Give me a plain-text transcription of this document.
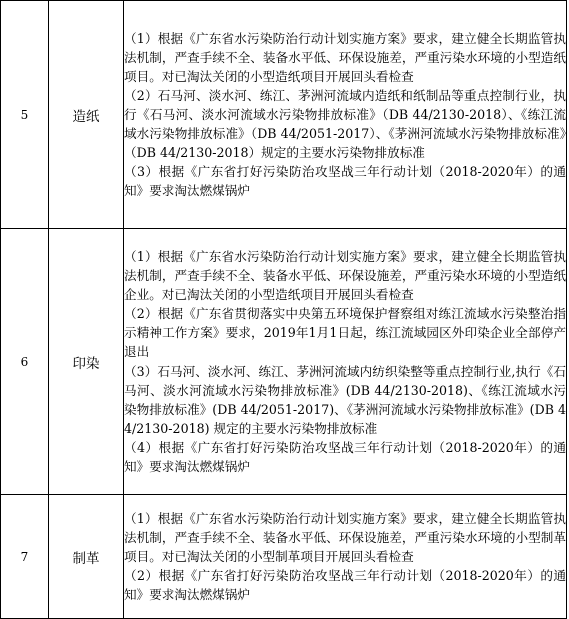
5	造纸	（1）根据《广东省水污染防治行动计划实施方案》要求，建立健全长期监管执法机制，严查手续不全、装备水平低、环保设施差，严重污染水环境的小型造纸项目。对已淘汰关闭的小型造纸项目开展回头看检查

（2）石马河、淡水河、练江、茅洲河流域内造纸和纸制品等重点控制行业，执行《石马河、淡水河流域水污染物排放标准》（DB 44/2130-2018）、《练江流域水污染物排放标准》（DB 44/2051-2017）、《茅洲河流域水污染物排放标准》（DB 44/2130-2018）规定的主要水污染物排放标准

（3）根据《广东省打好污染防治攻坚战三年行动计划（2018-2020年）的通知》要求淘汰燃煤锅炉

6	印染	（1）根据《广东省水污染防治行动计划实施方案》要求，建立健全长期监管执法机制，严查手续不全、装备水平低、环保设施差，严重污染水环境的小型造纸企业。对已淘汰关闭的小型造纸项目开展回头看检查

（2）根据《广东省贯彻落实中央第五环境保护督察组对练江流域水污染整治指示精神工作方案》要求，2019年1月1日起，练江流域园区外印染企业全部停产退出

（3）石马河、淡水河、练江、茅洲河流域内纺织染整等重点控制行业,执行《石马河、淡水河流域水污染物排放标准》(DB 44/2130-2018)、《练江流域水污染物排放标准》(DB 44/2051-2017)、《茅洲河流域水污染物排放标准》(DB 44/2130-2018) 规定的主要水污染物排放标准

（4）根据《广东省打好污染防治攻坚战三年行动计划（2018-2020年）的通知》要求淘汰燃煤锅炉

7	制革	（1）根据《广东省水污染防治行动计划实施方案》要求，建立健全长期监管执法机制，严查手续不全、装备水平低、环保设施差，严重污染水环境的小型制革项目。对已淘汰关闭的小型制革项目开展回头看检查

（2）根据《广东省打好污染防治攻坚战三年行动计划（2018-2020年）的通知》要求淘汰燃煤锅炉
